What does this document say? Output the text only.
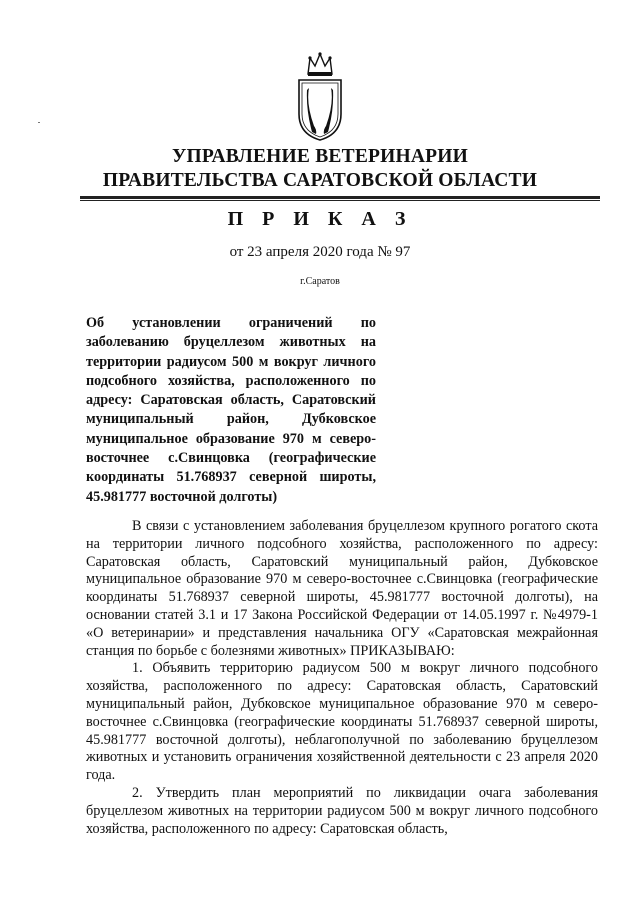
УПРАВЛЕНИЕ ВЕТЕРИНАРИИ
ПРАВИТЕЛЬСТВА САРАТОВСКОЙ ОБЛАСТИ
П Р И К А З
от 23 апреля 2020 года № 97
г.Саратов
Об установлении ограничений по заболеванию бруцеллезом животных на территории радиусом 500 м вокруг личного подсобного хозяйства, расположенного по адресу: Саратовская область, Саратовский муниципальный район, Дубковское муниципальное образование 970 м северо-восточнее с.Свинцовка (географические координаты 51.768937 северной широты, 45.981777 восточной долготы)

В связи с установлением заболевания бруцеллезом крупного рогатого скота на территории личного подсобного хозяйства, расположенного по адресу: Саратовская область, Саратовский муниципальный район, Дубковское муниципальное образование 970 м северо-восточнее с.Свинцовка (географические координаты 51.768937 северной широты, 45.981777 восточной долготы), на основании статей 3.1 и 17 Закона Российской Федерации от 14.05.1997 г. №4979-1 «О ветеринарии» и представления начальника ОГУ «Саратовская межрайонная станция по борьбе с болезнями животных» ПРИКАЗЫВАЮ:

1. Объявить территорию радиусом 500 м вокруг личного подсобного хозяйства, расположенного по адресу: Саратовская область, Саратовский муниципальный район, Дубковское муниципальное образование 970 м северо-восточнее с.Свинцовка (географические координаты 51.768937 северной широты, 45.981777 восточной долготы), неблагополучной по заболеванию бруцеллезом животных и установить ограничения хозяйственной деятельности с 23 апреля 2020 года.

2. Утвердить план мероприятий по ликвидации очага заболевания бруцеллезом животных на территории радиусом 500 м вокруг личного подсобного хозяйства, расположенного по адресу: Саратовская область,
